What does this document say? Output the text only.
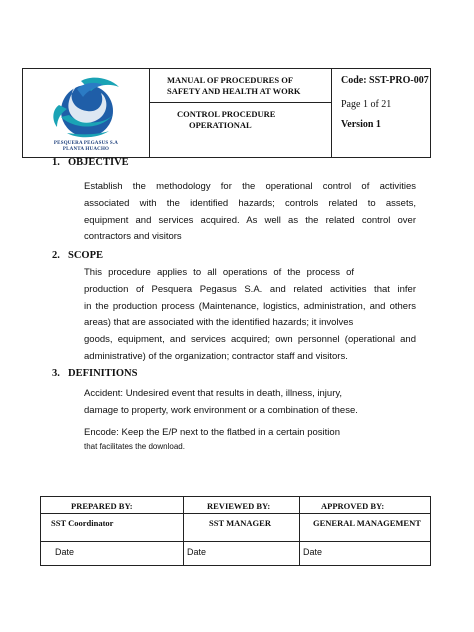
PESQUERA PEGASUS S.A
PLANTA HUACHO
MANUAL OF PROCEDURES OF
SAFETY AND HEALTH AT WORK
CONTROL PROCEDURE
OPERATIONAL
Code: SST-PRO-007
Page 1 of 21
Version 1
1. OBJECTIVE
Establish the methodology for the operational control of activities
associated with the identified hazards; controls related to assets,
equipment and services acquired. As well as the related control over
contractors and visitors
2. SCOPE
This procedure applies to all operations of the process of
production of Pesquera Pegasus S.A. and related activities that infer
in the production process (Maintenance, logistics, administration, and others
areas) that are associated with the identified hazards; it involves
goods, equipment, and services acquired; own personnel (operational and
administrative) of the organization; contractor staff and visitors.
3. DEFINITIONS
Accident: Undesired event that results in death, illness, injury,
damage to property, work environment or a combination of these.
Encode: Keep the E/P next to the flatbed in a certain position
that facilitates the download.
PREPARED BY:	REVIEWED BY:	APPROVED BY:
SST Coordinator	SST MANAGER	GENERAL MANAGEMENT
Date	Date	Date
